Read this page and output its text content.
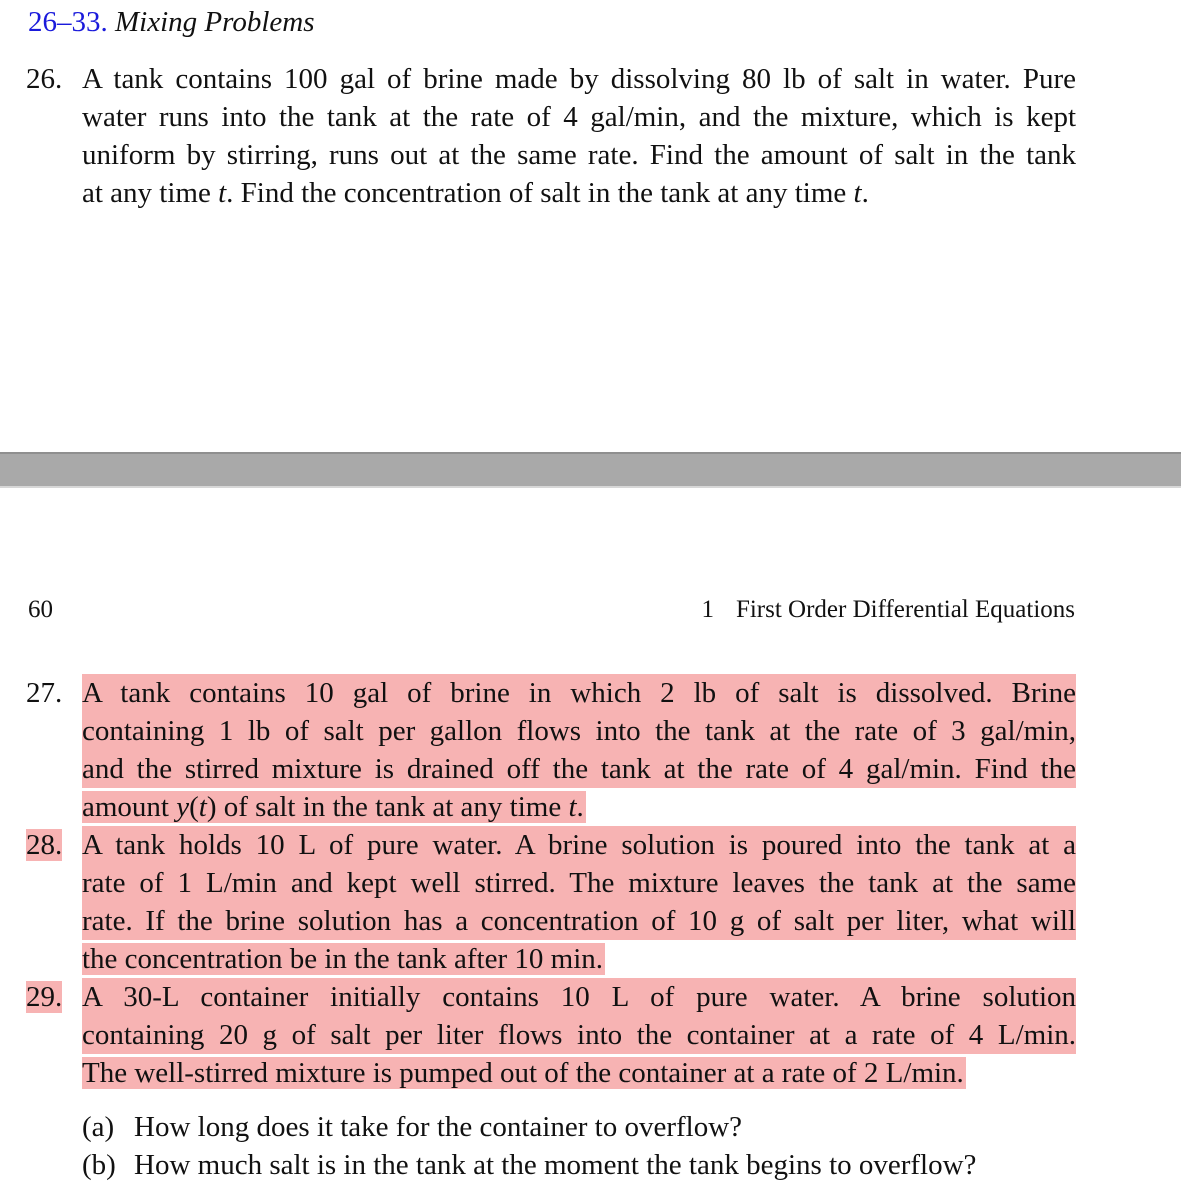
26–33. Mixing Problems
26. A tank contains 100 gal of brine made by dissolving 80 lb of salt in water. Pure
water runs into the tank at the rate of 4 gal/min, and the mixture, which is kept
uniform by stirring, runs out at the same rate. Find the amount of salt in the tank
at any time t. Find the concentration of salt in the tank at any time t.
60	1 First Order Differential Equations
27. A tank contains 10 gal of brine in which 2 lb of salt is dissolved. Brine
containing 1 lb of salt per gallon flows into the tank at the rate of 3 gal/min,
and the stirred mixture is drained off the tank at the rate of 4 gal/min. Find the
amount y(t) of salt in the tank at any time t.
28. A tank holds 10 L of pure water. A brine solution is poured into the tank at a
rate of 1 L/min and kept well stirred. The mixture leaves the tank at the same
rate. If the brine solution has a concentration of 10 g of salt per liter, what will
the concentration be in the tank after 10 min.
29. A 30-L container initially contains 10 L of pure water. A brine solution
containing 20 g of salt per liter flows into the container at a rate of 4 L/min.
The well-stirred mixture is pumped out of the container at a rate of 2 L/min.
(a) How long does it take for the container to overflow?
(b) How much salt is in the tank at the moment the tank begins to overflow?
